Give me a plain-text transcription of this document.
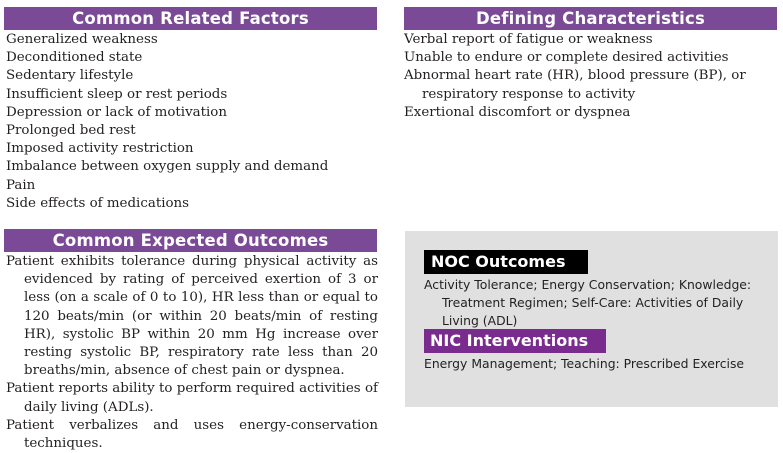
Common Related Factors
Generalized weakness
Deconditioned state
Sedentary lifestyle
Insufficient sleep or rest periods
Depression or lack of motivation
Prolonged bed rest
Imposed activity restriction
Imbalance between oxygen supply and demand
Pain
Side effects of medications
Defining Characteristics
Verbal report of fatigue or weakness
Unable to endure or complete desired activities
Abnormal heart rate (HR), blood pressure (BP), or respiratory response to activity
Exertional discomfort or dyspnea
Common Expected Outcomes
Patient exhibits tolerance during physical activity as evidenced by rating of perceived exertion of 3 or less (on a scale of 0 to 10), HR less than or equal to 120 beats/min (or within 20 beats/min of resting HR), systolic BP within 20 mm Hg increase over resting systolic BP, respiratory rate less than 20 breaths/min, absence of chest pain or dyspnea.
Patient reports ability to perform required activities of daily living (ADLs).
Patient verbalizes and uses energy-conservation techniques.
NOC Outcomes
Activity Tolerance; Energy Conservation; Knowledge: Treatment Regimen; Self-Care: Activities of Daily Living (ADL)
NIC Interventions
Energy Management; Teaching: Prescribed Exercise
